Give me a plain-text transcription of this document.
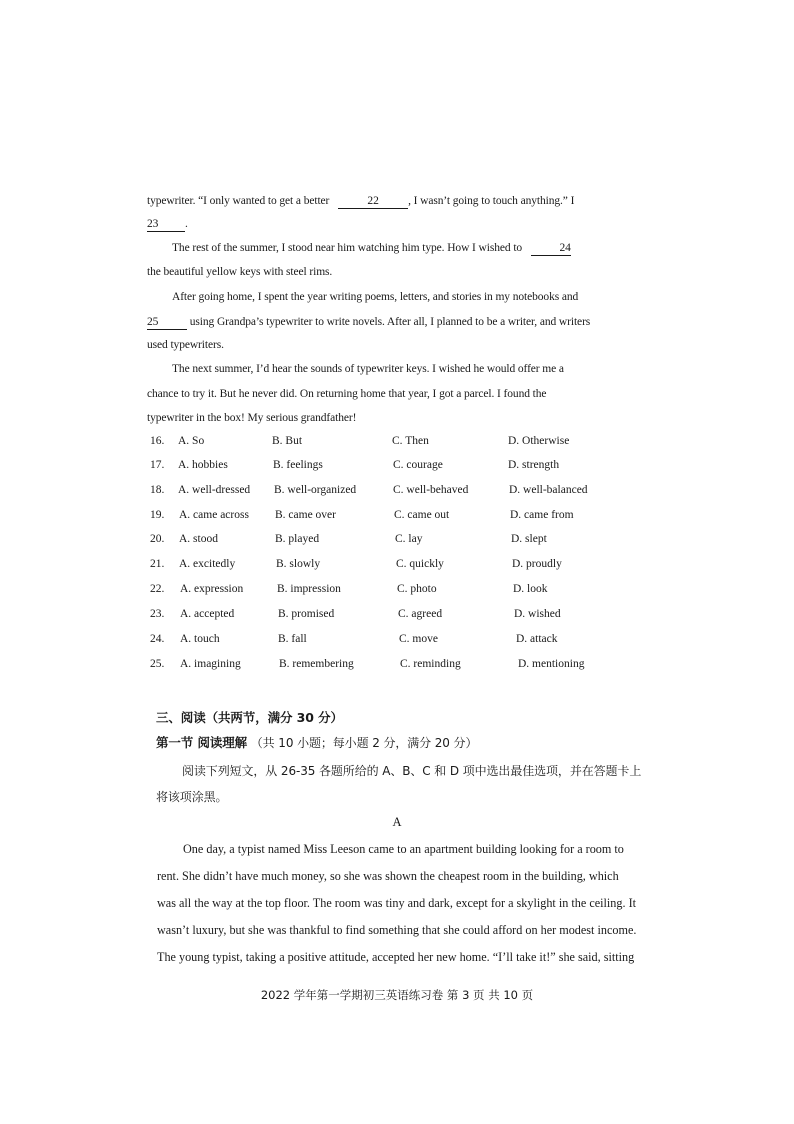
typewriter. “I only wanted to get a better	22	, I wasn’t going to touch anything.” I
23 .
The rest of the summer, I stood near him watching him type. How I wished to	24
the beautiful yellow keys with steel rims.
After going home, I spent the year writing poems, letters, and stories in my notebooks and
25	using Grandpa’s typewriter to write novels. After all, I planned to be a writer, and writers
used typewriters.
The next summer, I’d hear the sounds of typewriter keys. I wished he would offer me a
chance to try it. But he never did. On returning home that year, I got a parcel. I found the
typewriter in the box! My serious grandfather!
16. A. So	B. But	C. Then	D. Otherwise
17. A. hobbies	B. feelings	C. courage	D. strength
18. A. well-dressed B. well-organized	C. well-behaved	D. well-balanced
19. A. came across B. came over	C. came out	D. came from
20. A. stood	B. played	C. lay	D. slept
21. A. excitedly	B. slowly	C. quickly	D. proudly
22. A. expression	B. impression	C. photo	D. look
23. A. accepted	B. promised	C. agreed	D. wished
24. A. touch	B. fall	C. move	D. attack
25. A. imagining	B. remembering	C. reminding	D. mentioning
三、阅读（共两节，满分 30 分）
第一节 阅读理解 （共 10 小题；每小题 2 分，满分 20 分）
阅读下列短文，从 26-35 各题所给的 A、B、C 和 D 项中选出最佳选项，并在答题卡上
将该项涂黑。
A
One day, a typist named Miss Leeson came to an apartment building looking for a room to
rent. She didn’t have much money, so she was shown the cheapest room in the building, which
was all the way at the top floor. The room was tiny and dark, except for a skylight in the ceiling. It
wasn’t luxury, but she was thankful to find something that she could afford on her modest income.
The young typist, taking a positive attitude, accepted her new home. “I’ll take it!” she said, sitting
2022 学年第一学期初三英语练习卷 第 3 页 共 10 页
